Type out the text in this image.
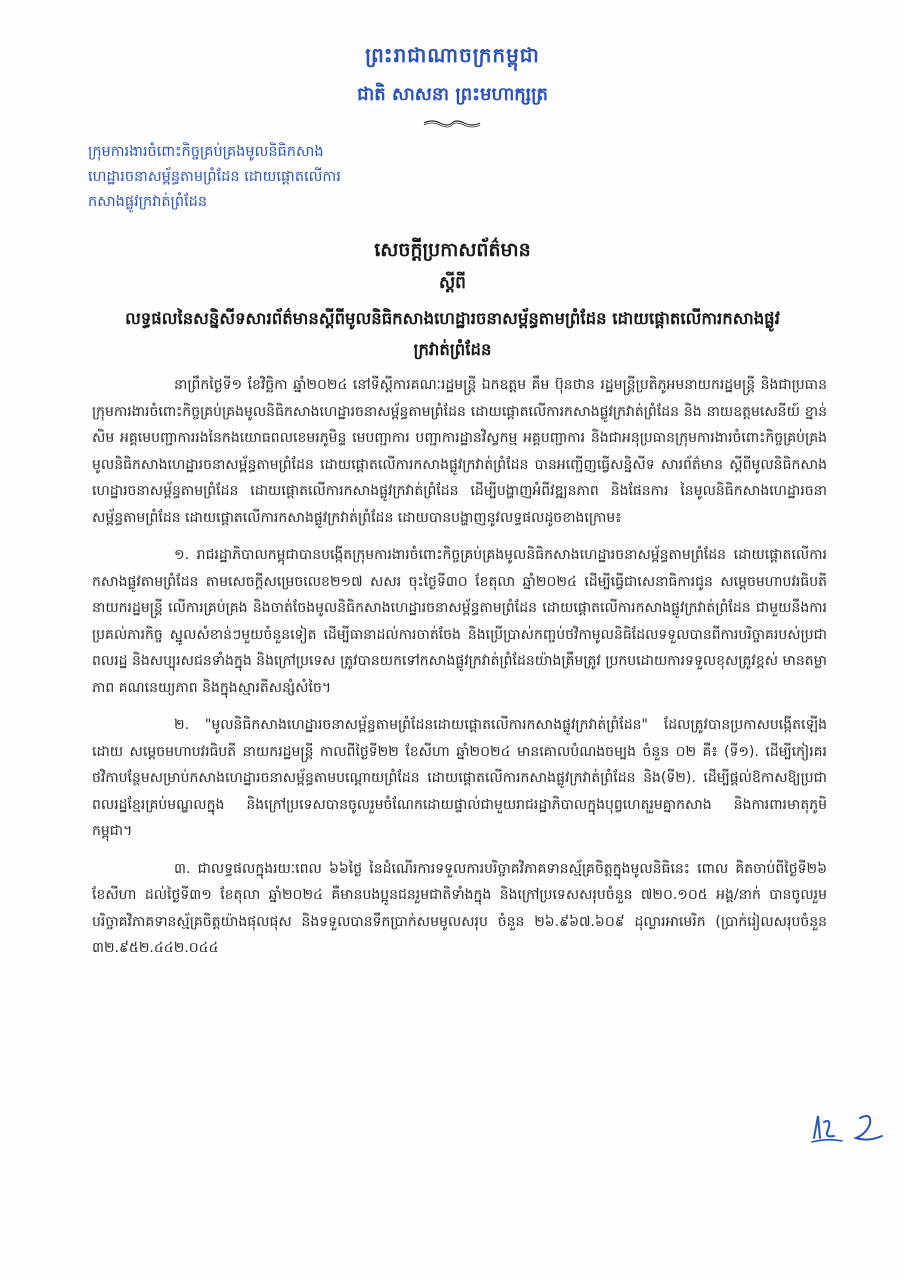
ព្រះរាជាណាចក្រកម្ពុជា
ជាតិ សាសនា ព្រះមហាក្សត្រ
ក្រុមការងារចំពោះកិច្ចគ្រប់គ្រងមូលនិធិកសាង
ហេដ្ឋារចនាសម្ព័ន្ធតាមព្រំដែន ដោយផ្តោតលើការ
កសាងផ្លូវក្រវាត់ព្រំដែន
សេចក្តីប្រកាសព័ត៌មាន
ស្តីពី
លទ្ធផលនៃសន្និសីទសារព័ត៌មានស្តីពីមូលនិធិកសាងហេដ្ឋារចនាសម្ព័ន្ធតាមព្រំដែន ដោយផ្តោតលើការកសាងផ្លូវក្រវាត់ព្រំដែន

នាព្រឹកថ្ងៃទី១ ខែវិច្ឆិកា ឆ្នាំ២០២៤ នៅទីស្តីការគណៈរដ្ឋមន្ត្រី ឯកឧត្តម គឹម ប៊ុនថាន រដ្ឋមន្ត្រីប្រតិភូអមនាយករដ្ឋមន្ត្រី និងជាប្រធានក្រុមការងារចំពោះកិច្ចគ្រប់គ្រងមូលនិធិកសាងហេដ្ឋារចនាសម្ព័ន្ធតាមព្រំដែន ដោយផ្តោតលើការកសាងផ្លូវក្រវាត់ព្រំដែន និង នាយឧត្តមសេនីយ៍ ខ្នាន់ សិម អគ្គមេបញ្ជាការរងនៃកងយោធពលខេមរភូមិន្ទ មេបញ្ជាការ បញ្ជាការដ្ឋានវិស្វកម្ម អគ្គបញ្ជាការ និងជាអនុប្រធានក្រុមការងារចំពោះកិច្ចគ្រប់គ្រង មូលនិធិកសាងហេដ្ឋារចនាសម្ព័ន្ធតាមព្រំដែន ដោយផ្តោតលើការកសាងផ្លូវក្រវាត់ព្រំដែន បានអញ្ជើញធ្វើសន្និសីទ សារព័ត៌មាន ស្តីពីមូលនិធិកសាងហេដ្ឋារចនាសម្ព័ន្ធតាមព្រំដែន ដោយផ្តោតលើការកសាងផ្លូវក្រវាត់ព្រំដែន ដើម្បីបង្ហាញអំពីវឌ្ឍនភាព និងផែនការ នៃមូលនិធិកសាងហេដ្ឋារចនាសម្ព័ន្ធតាមព្រំដែន ដោយផ្តោតលើការកសាងផ្លូវក្រវាត់ព្រំដែន ដោយបានបង្ហាញនូវលទ្ធផលដូចខាងក្រោម៖

១. រាជរដ្ឋាភិបាលកម្ពុជាបានបង្កើតក្រុមការងារចំពោះកិច្ចគ្រប់គ្រងមូលនិធិកសាងហេដ្ឋារចនាសម្ព័ន្ធតាមព្រំដែន ដោយផ្តោតលើការកសាងផ្លូវតាមព្រំដែន តាមសេចក្តីសម្រេចលេខ២១៧ សសរ ចុះថ្ងៃទី៣០ ខែតុលា ឆ្នាំ២០២៤ ដើម្បីធ្វើជាសេនាធិការជូន សម្តេចមហាបវរធិបតី នាយករដ្ឋមន្ត្រី លើការគ្រប់គ្រង និងចាត់ចែងមូលនិធិកសាងហេដ្ឋារចនាសម្ព័ន្ធតាមព្រំដែន ដោយផ្តោតលើការកសាងផ្លូវក្រវាត់ព្រំដែន ជាមួយនឹងការប្រគល់ភារកិច្ច ស្នូលសំខាន់ៗមួយចំនួនទៀត ដើម្បីធានាដល់ការចាត់ចែង និងប្រើប្រាស់កញ្ចប់ថវិកាមូលនិធិដែលទទួលបានពីការបរិច្ចាគរបស់ប្រជាពលរដ្ឋ និងសប្បុរសជនទាំងក្នុង និងក្រៅប្រទេស ត្រូវបានយកទៅកសាងផ្លូវក្រវាត់ព្រំដែនយ៉ាងត្រឹមត្រូវ ប្រកបដោយការទទួលខុសត្រូវខ្ពស់ មានតម្លាភាព គណនេយ្យភាព និងក្នុងស្មារតីសន្សំសំចៃ។

២. "មូលនិធិកសាងហេដ្ឋារចនាសម្ព័ន្ធតាមព្រំដែនដោយផ្តោតលើការកសាងផ្លូវក្រវាត់ព្រំដែន" ដែលត្រូវបានប្រកាសបង្កើតឡើងដោយ សម្តេចមហាបវរធិបតី នាយករដ្ឋមន្ត្រី កាលពីថ្ងៃទី២២ ខែសីហា ឆ្នាំ២០២៤ មានគោលបំណងចម្បង ចំនួន ០២ គឺ៖ (ទី១). ដើម្បីកៀរគរថវិកាបន្ថែមសម្រាប់កសាងហេដ្ឋារចនាសម្ព័ន្ធតាមបណ្តោយព្រំដែន ដោយផ្តោតលើការកសាងផ្លូវក្រវាត់ព្រំដែន និង(ទី២). ដើម្បីផ្តល់ឱកាសឱ្យប្រជាពលរដ្ឋខ្មែរគ្រប់មណ្ឌលក្នុង និងក្រៅប្រទេសបានចូលរួមចំណែកដោយផ្ទាល់ជាមួយរាជរដ្ឋាភិបាលក្នុងបុព្វហេតុរួមគ្នាកសាង និងការពារមាតុភូមិកម្ពុជា។

៣. ជាលទ្ធផលក្នុងរយៈពេល ៦៦ថ្ងៃ នៃដំណើរការទទួលការបរិច្ចាគវិភាគទានស្ម័គ្រចិត្តក្នុងមូលនិធិនេះ ពោល គិតចាប់ពីថ្ងៃទី២៦ ខែសីហា ដល់ថ្ងៃទី៣១ ខែតុលា ឆ្នាំ២០២៤ គឺមានបងប្អូនជនរួមជាតិទាំងក្នុង និងក្រៅប្រទេសសរុបចំនួន ៧២០.១០៥ អង្គ/នាក់ បានចូលរួមបរិច្ចាគវិភាគទានស្ម័គ្រចិត្តយ៉ាងផុលផុស និងទទួលបានទឹកប្រាក់សមមូលសរុប ចំនួន ២៦.៩៦៧.៦០៩ ដុល្លារអាមេរិក (ប្រាក់រៀលសរុបចំនួន ៣២.៩៥២.៤៤២.០៤៤
